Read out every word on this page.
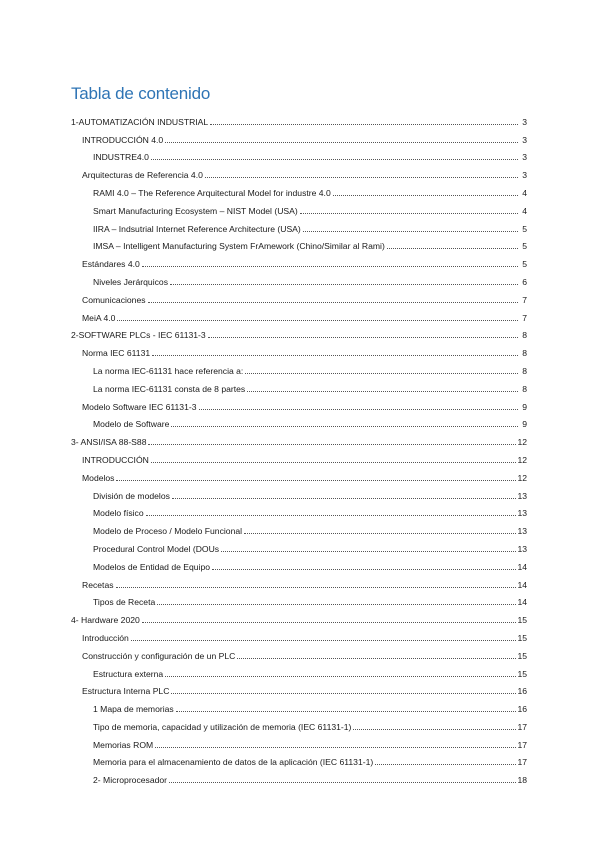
Tabla de contenido
1-AUTOMATIZACIÓN INDUSTRIAL	3
INTRODUCCIÓN 4.0	3
INDUSTRE4.0	3
Arquitecturas de Referencia 4.0	3
RAMI 4.0 – The Reference Arquitectural Model for industre 4.0	4
Smart Manufacturing Ecosystem – NIST Model (USA)	4
IIRA – Indsutrial Internet Reference Architecture (USA)	5
IMSA – Intelligent Manufacturing System FrAmework (Chino/Similar al Rami)	5
Estándares 4.0	5
Niveles Jerárquicos	6
Comunicaciones	7
MeiA 4.0	7
2-SOFTWARE PLCs - IEC 61131-3	8
Norma IEC 61131	8
La norma IEC-61131 hace referencia a:	8
La norma IEC-61131 consta de 8 partes	8
Modelo Software IEC 61131-3	9
Modelo de Software	9
3- ANSI/ISA 88-S88	12
INTRODUCCIÓN	12
Modelos	12
División de modelos	13
Modelo físico	13
Modelo de Proceso / Modelo Funcional	13
Procedural Control Model (DOUs	13
Modelos de Entidad de Equipo	14
Recetas	14
Tipos de Receta	14
4- Hardware 2020	15
Introducción	15
Construcción y configuración de un PLC	15
Estructura externa	15
Estructura Interna PLC	16
1 Mapa de memorias	16
Tipo de memoria, capacidad y utilización de memoria (IEC 61131-1)	17
Memorias ROM	17
Memoria para el almacenamiento de datos de la aplicación (IEC 61131-1)	17
2- Microprocesador	18
